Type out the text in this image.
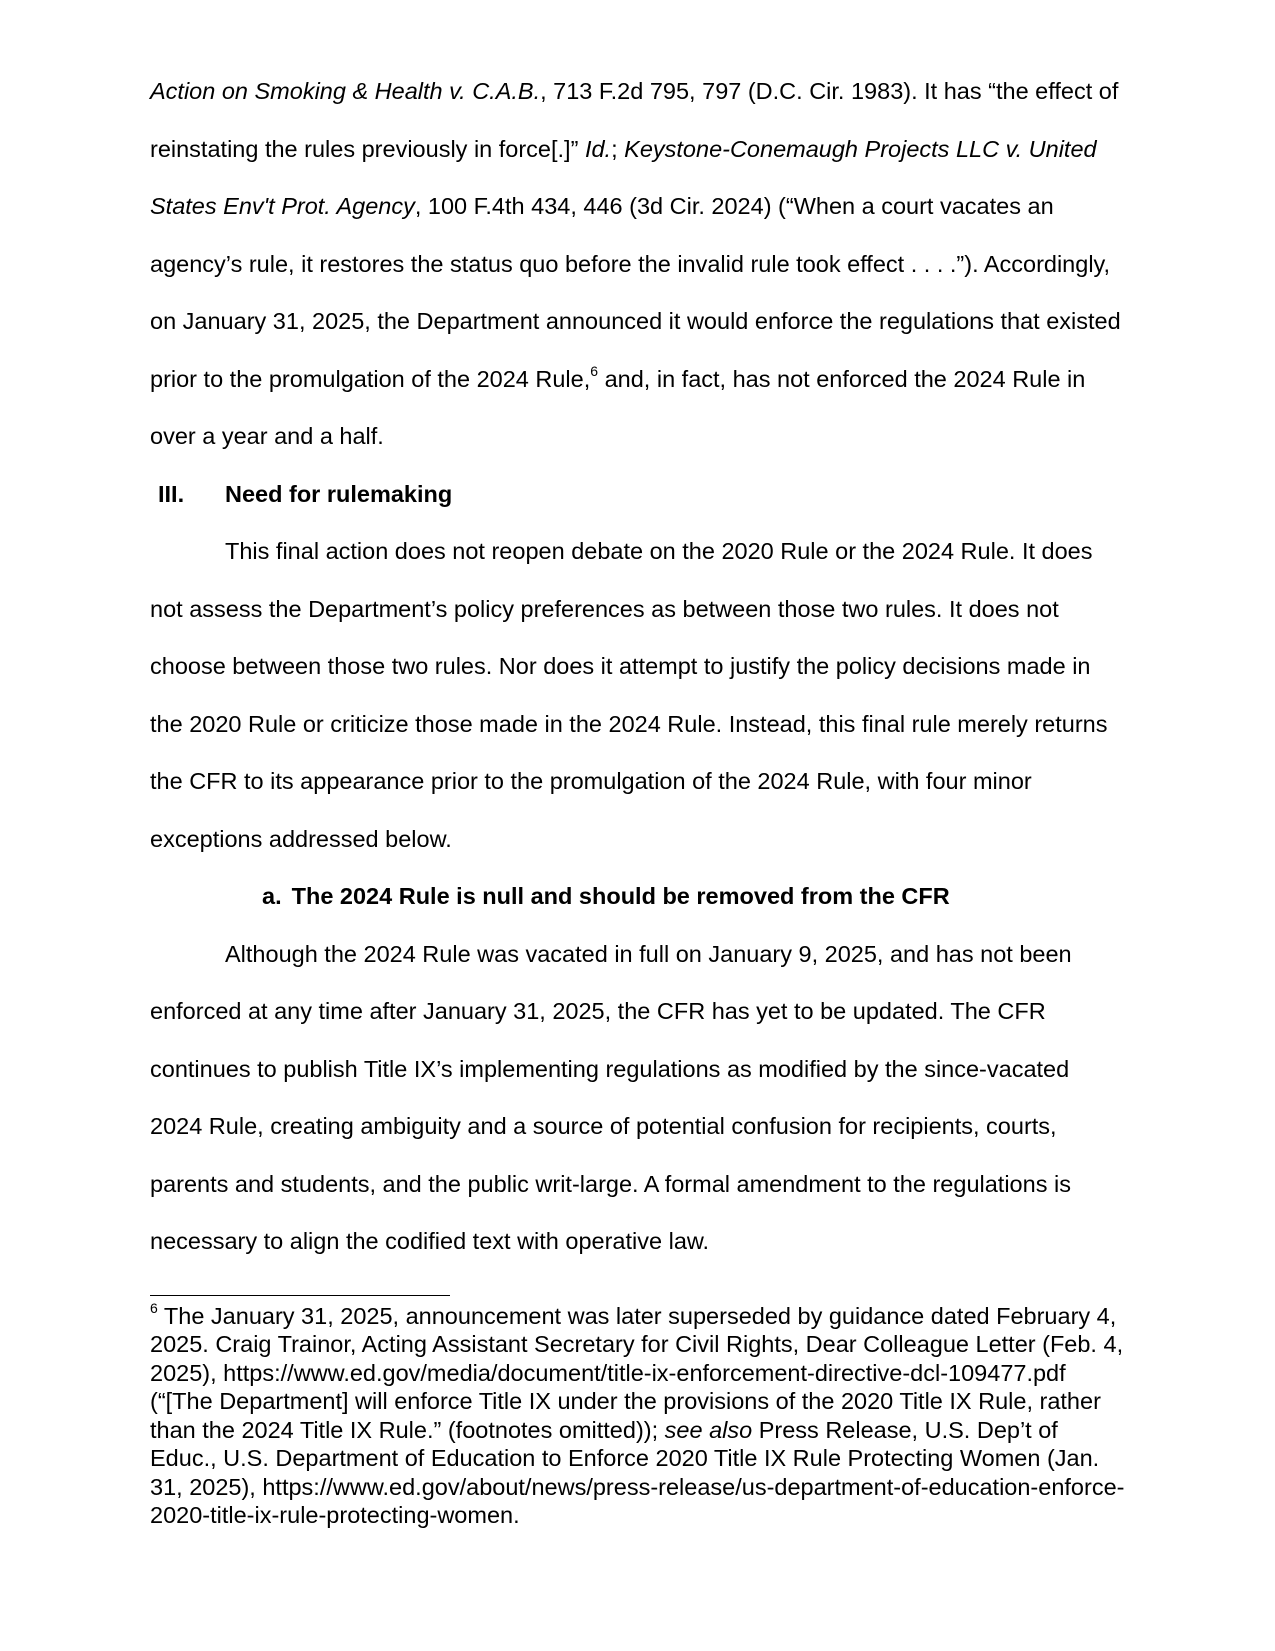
Action on Smoking & Health v. C.A.B., 713 F.2d 795, 797 (D.C. Cir. 1983). It has “the effect of reinstating the rules previously in force[.]” Id.; Keystone-Conemaugh Projects LLC v. United States Env't Prot. Agency, 100 F.4th 434, 446 (3d Cir. 2024) (“When a court vacates an agency’s rule, it restores the status quo before the invalid rule took effect . . . .”). Accordingly, on January 31, 2025, the Department announced it would enforce the regulations that existed prior to the promulgation of the 2024 Rule,$^6$ and, in fact, has not enforced the 2024 Rule in over a year and a half.

III.	Need for rulemaking

This final action does not reopen debate on the 2020 Rule or the 2024 Rule. It does not assess the Department’s policy preferences as between those two rules. It does not choose between those two rules. Nor does it attempt to justify the policy decisions made in the 2020 Rule or criticize those made in the 2024 Rule. Instead, this final rule merely returns the CFR to its appearance prior to the promulgation of the 2024 Rule, with four minor exceptions addressed below.

a. The 2024 Rule is null and should be removed from the CFR

Although the 2024 Rule was vacated in full on January 9, 2025, and has not been enforced at any time after January 31, 2025, the CFR has yet to be updated. The CFR continues to publish Title IX’s implementing regulations as modified by the since-vacated 2024 Rule, creating ambiguity and a source of potential confusion for recipients, courts, parents and students, and the public writ-large. A formal amendment to the regulations is necessary to align the codified text with operative law.

$^6$ The January 31, 2025, announcement was later superseded by guidance dated February 4, 2025. Craig Trainor, Acting Assistant Secretary for Civil Rights, Dear Colleague Letter (Feb. 4, 2025), https://www.ed.gov/media/document/title-ix-enforcement-directive-dcl-109477.pdf (“[The Department] will enforce Title IX under the provisions of the 2020 Title IX Rule, rather than the 2024 Title IX Rule.” (footnotes omitted)); see also Press Release, U.S. Dep’t of Educ., U.S. Department of Education to Enforce 2020 Title IX Rule Protecting Women (Jan. 31, 2025), https://www.ed.gov/about/news/press-release/us-department-of-education-enforce-2020-title-ix-rule-protecting-women.
